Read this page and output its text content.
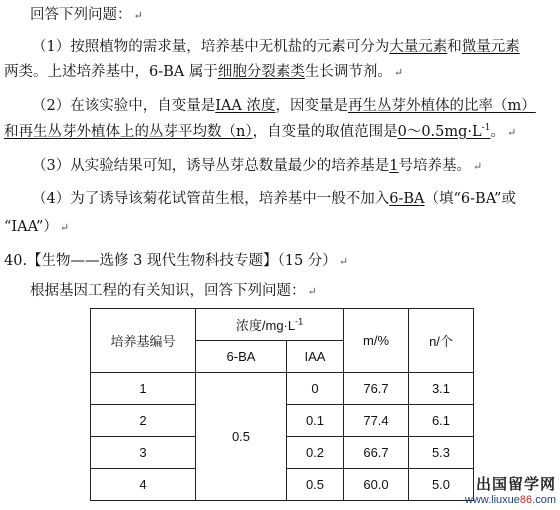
回答下列问题： ↵
（1）按照植物的需求量，培养基中无机盐的元素可分为大量元素和微量元素
两类。上述培养基中，6-BA 属于细胞分裂素类生长调节剂。 ↵
（2）在该实验中，自变量是IAA 浓度，因变量是再生丛芽外植体的比率（m）
和再生丛芽外植体上的丛芽平均数（n），自变量的取值范围是$0\sim 0.5mg\cdot L^{-1}$。 ↵
（3）从实验结果可知，诱导丛芽总数量最少的培养基是1号培养基。 ↵
（4）为了诱导该菊花试管苗生根，培养基中一般不加入6-BA（填“6-BA”或
“IAA”） ↵
40.【生物——选修 3 现代生物科技专题】（15 分） ↵
根据基因工程的有关知识，回答下列问题： ↵
培养基编号	浓度$/mg\cdot L^{-1}$		m/%	n/个
	6-BA	IAA		
1	0.5	0	76.7	3.1
2		0.1	77.4	6.1
3		0.2	66.7	5.3
4		0.5	60.0	5.0	出国留学网
www.liuxue86.com
